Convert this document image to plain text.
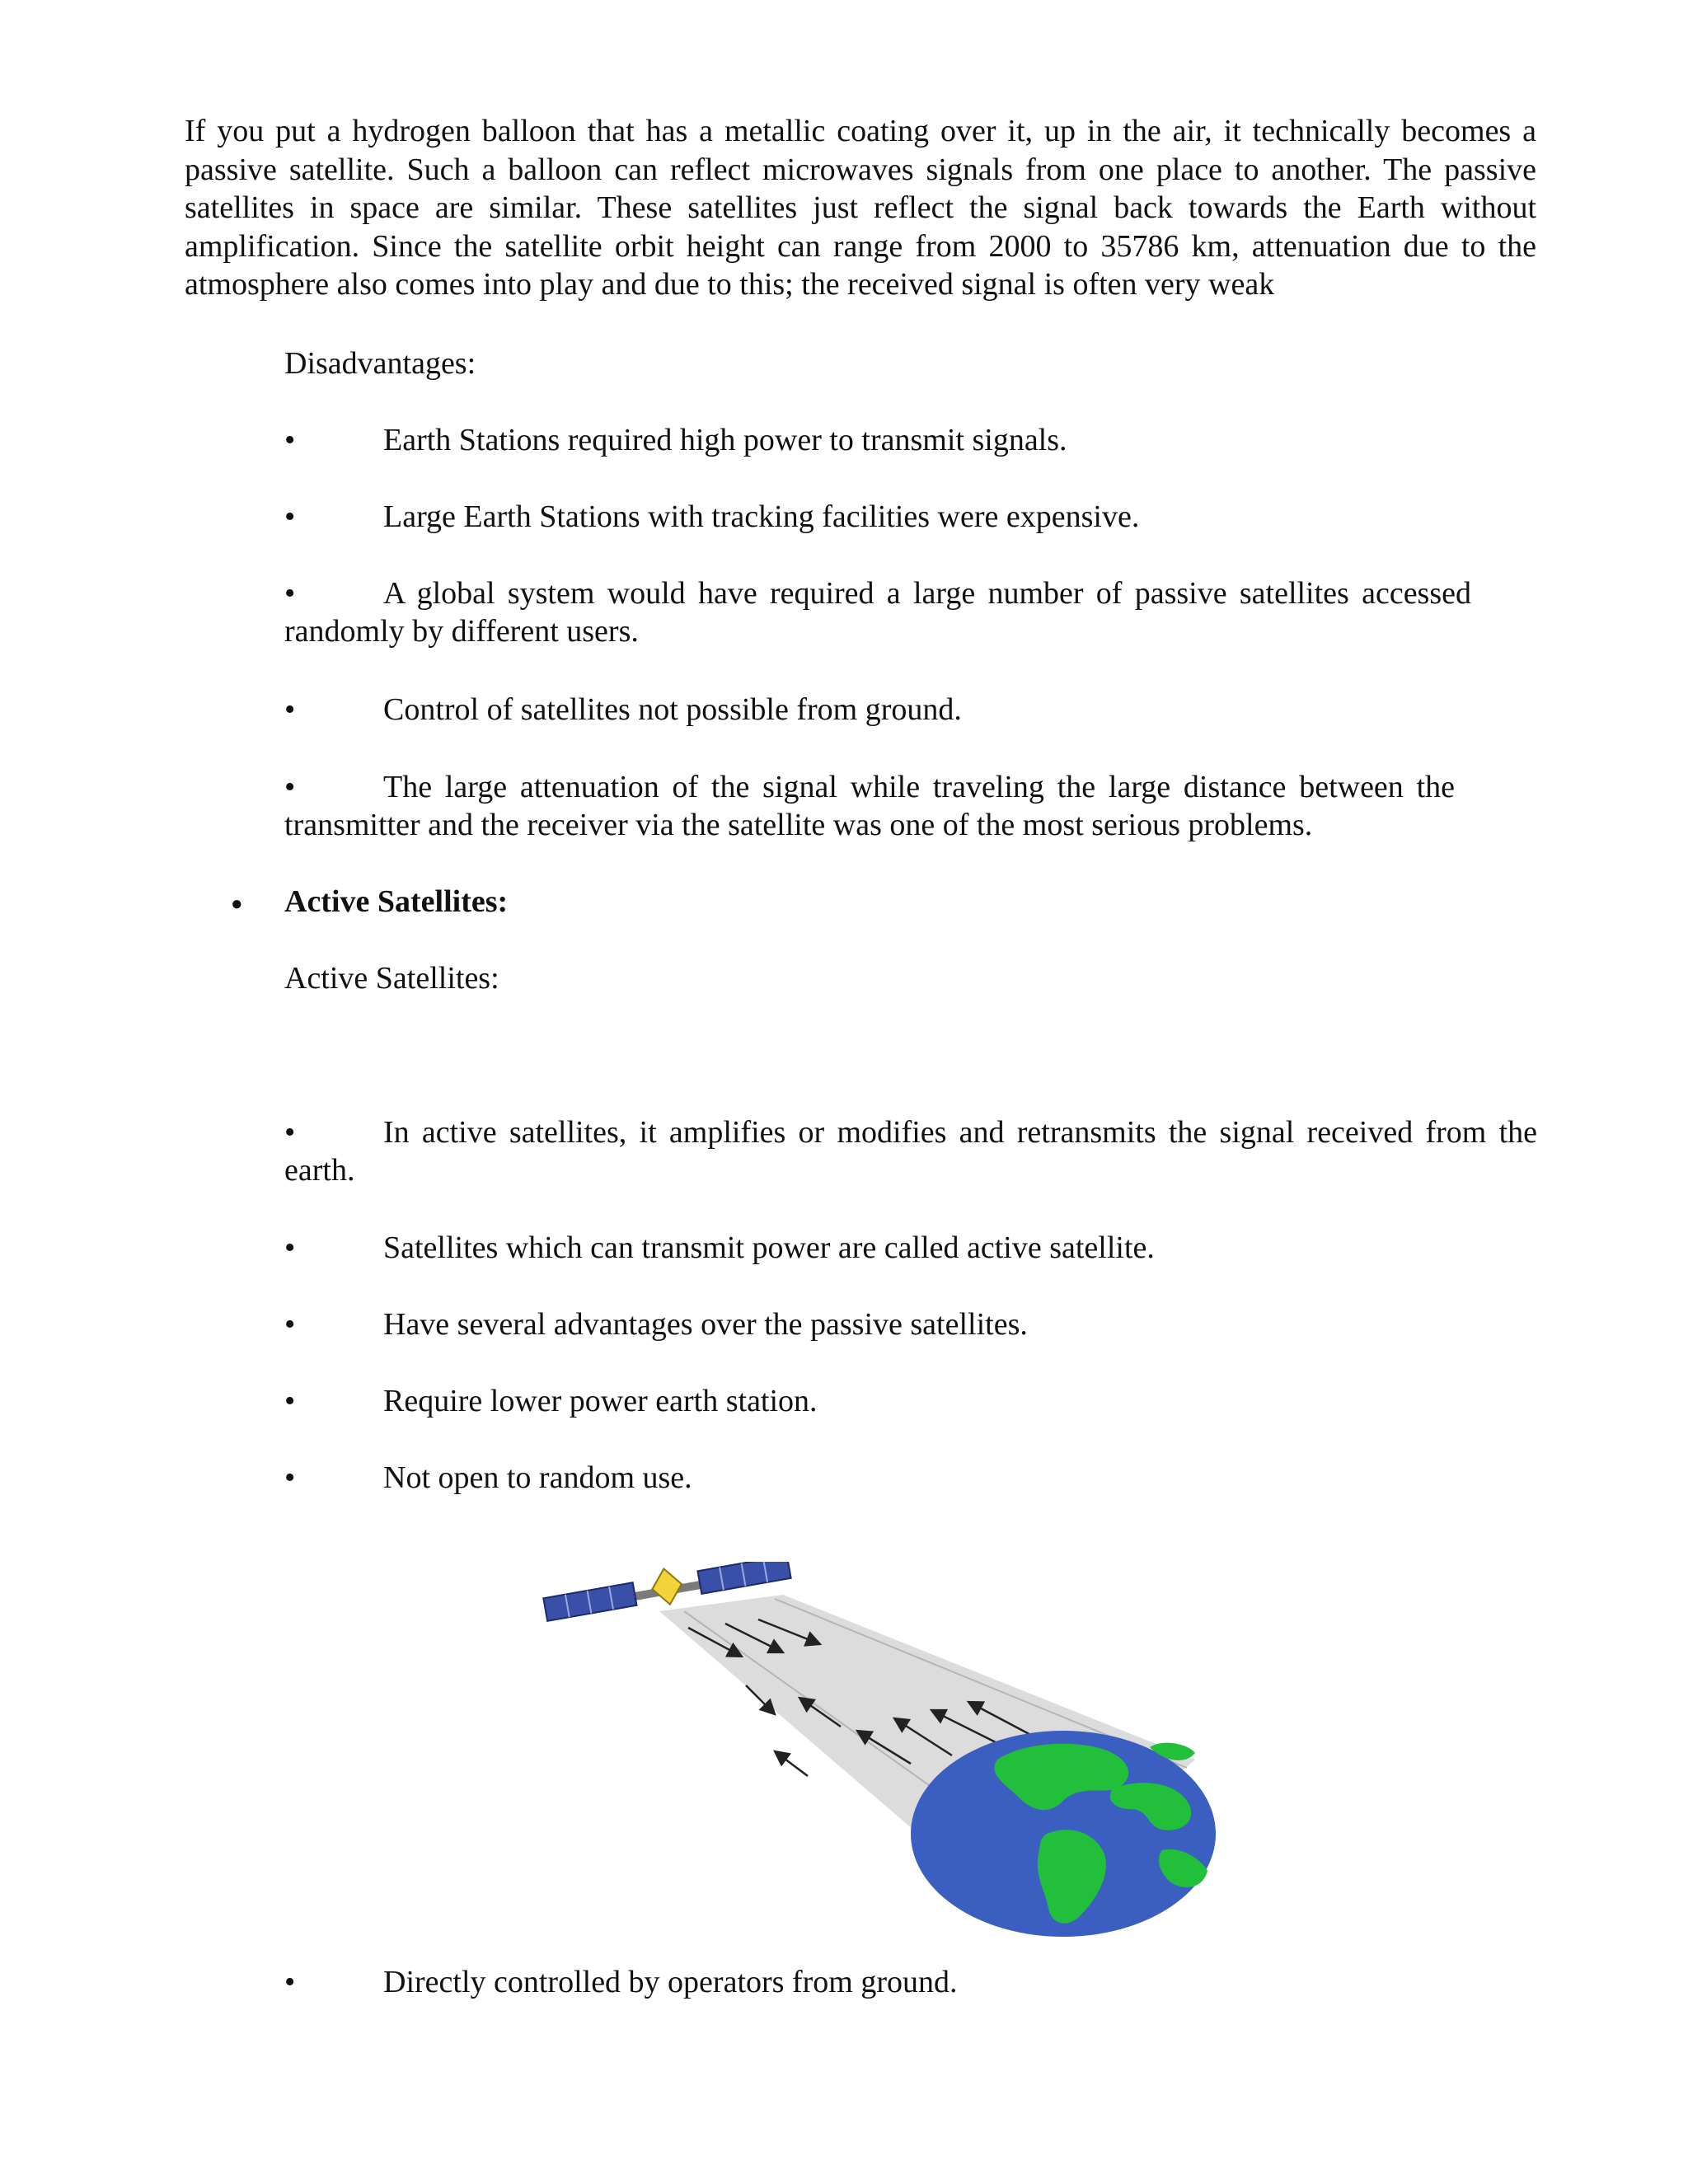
If you put a hydrogen balloon that has a metallic coating over it, up in the air, it technically becomes a passive satellite. Such a balloon can reflect microwaves signals from one place to another. The passive satellites in space are similar. These satellites just reflect the signal back towards the Earth without amplification. Since the satellite orbit height can range from 2000 to 35786 km, attenuation due to the atmosphere also comes into play and due to this; the received signal is often very weak

Disadvantages:
•	Earth Stations required high power to transmit signals.
•	Large Earth Stations with tracking facilities were expensive.
•	A global system would have required a large number of passive satellites accessed randomly by different users.
•	Control of satellites not possible from ground.
•	The large attenuation of the signal while traveling the large distance between the transmitter and the receiver via the satellite was one of the most serious problems.
● Active Satellites:
Active Satellites:
•	In active satellites, it amplifies or modifies and retransmits the signal received from the earth.
•	Satellites which can transmit power are called active satellite.
•	Have several advantages over the passive satellites.
•	Require lower power earth station.
•	Not open to random use.
•	Directly controlled by operators from ground.
